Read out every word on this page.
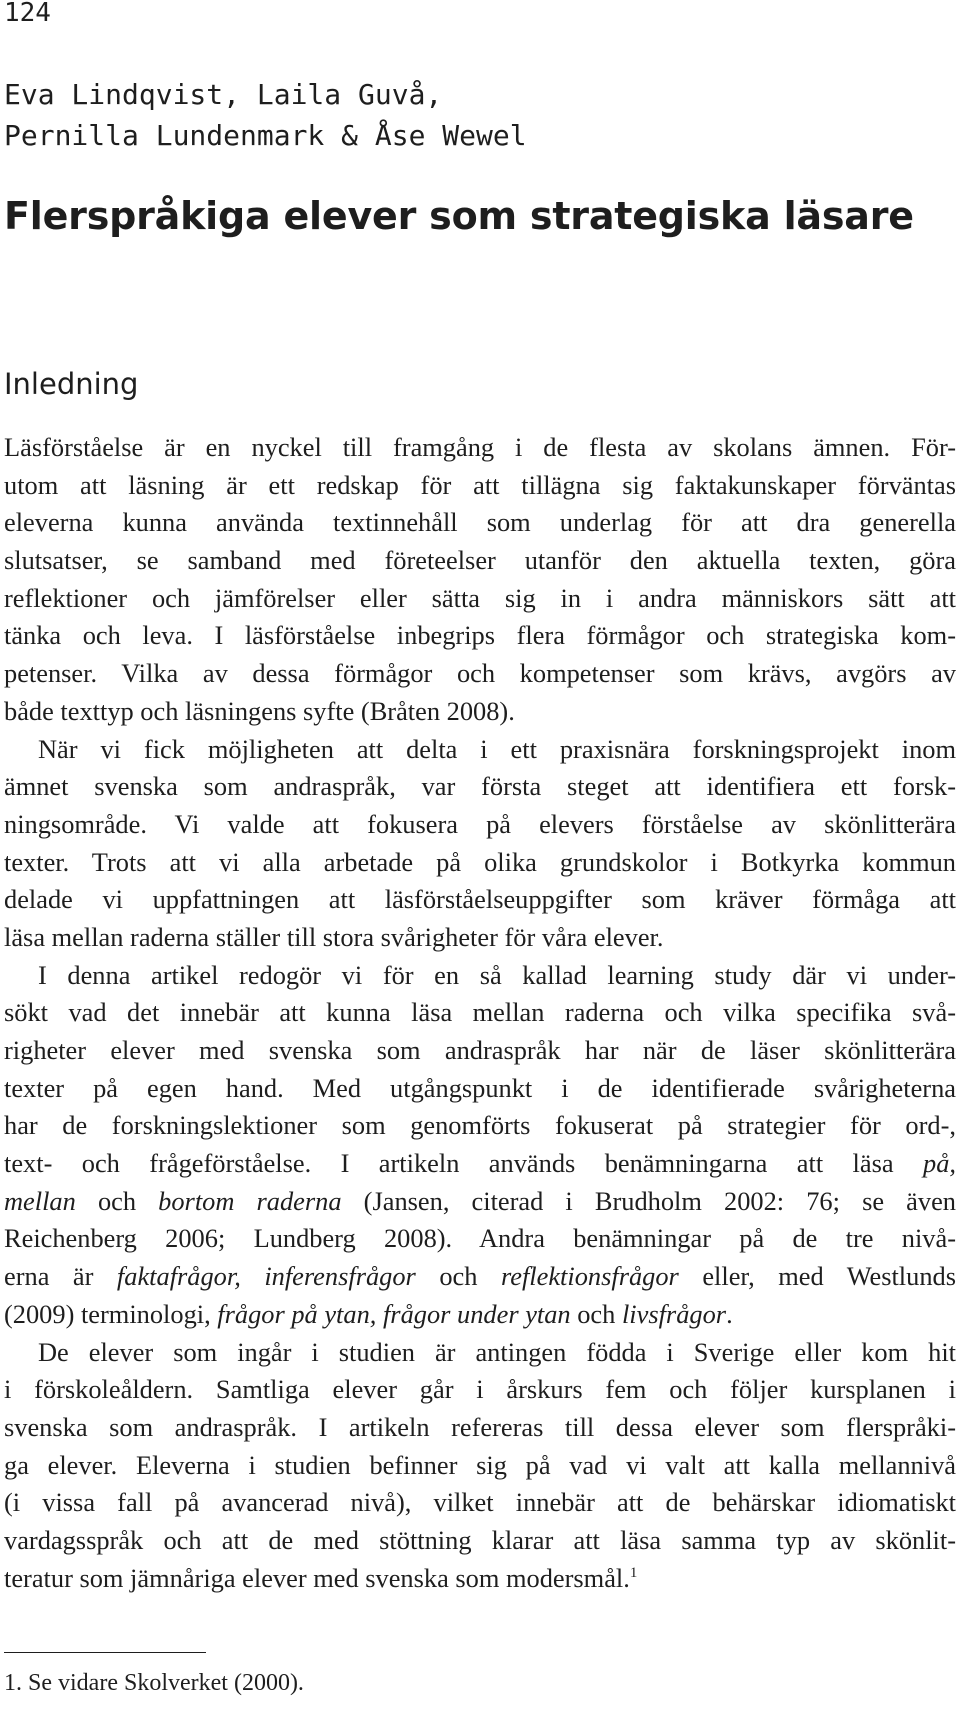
124
Eva Lindqvist, Laila Guvå,
Pernilla Lundenmark & Åse Wewel
Flerspråkiga elever som strategiska läsare
Inledning
Läsförståelse är en nyckel till framgång i de flesta av skolans ämnen. För-
utom att läsning är ett redskap för att tillägna sig faktakunskaper förväntas
eleverna kunna använda textinnehåll som underlag för att dra generella
slutsatser, se samband med företeelser utanför den aktuella texten, göra
reflektioner och jämförelser eller sätta sig in i andra människors sätt att
tänka och leva. I läsförståelse inbegrips flera förmågor och strategiska kom-
petenser. Vilka av dessa förmågor och kompetenser som krävs, avgörs av
både texttyp och läsningens syfte (Bråten 2008).
När vi fick möjligheten att delta i ett praxisnära forskningsprojekt inom
ämnet svenska som andraspråk, var första steget att identifiera ett forsk-
ningsområde. Vi valde att fokusera på elevers förståelse av skönlitterära
texter. Trots att vi alla arbetade på olika grundskolor i Botkyrka kommun
delade vi uppfattningen att läsförståelseuppgifter som kräver förmåga att
läsa mellan raderna ställer till stora svårigheter för våra elever.
I denna artikel redogör vi för en så kallad learning study där vi under-
sökt vad det innebär att kunna läsa mellan raderna och vilka specifika svå-
righeter elever med svenska som andraspråk har när de läser skönlitterära
texter på egen hand. Med utgångspunkt i de identifierade svårigheterna
har de forskningslektioner som genomförts fokuserat på strategier för ord-,
text- och frågeförståelse. I artikeln används benämningarna att läsa på,
mellan och bortom raderna (Jansen, citerad i Brudholm 2002: 76; se även
Reichenberg 2006; Lundberg 2008). Andra benämningar på de tre nivå-
erna är faktafrågor, inferensfrågor och reflektionsfrågor eller, med Westlunds
(2009) terminologi, frågor på ytan, frågor under ytan och livsfrågor.
De elever som ingår i studien är antingen födda i Sverige eller kom hit
i förskoleåldern. Samtliga elever går i årskurs fem och följer kursplanen i
svenska som andraspråk. I artikeln refereras till dessa elever som flerspråki-
ga elever. Eleverna i studien befinner sig på vad vi valt att kalla mellannivå
(i vissa fall på avancerad nivå), vilket innebär att de behärskar idiomatiskt
vardagsspråk och att de med stöttning klarar att läsa samma typ av skönlit-
teratur som jämnåriga elever med svenska som modersmål.$^1$
1. Se vidare Skolverket (2000).
